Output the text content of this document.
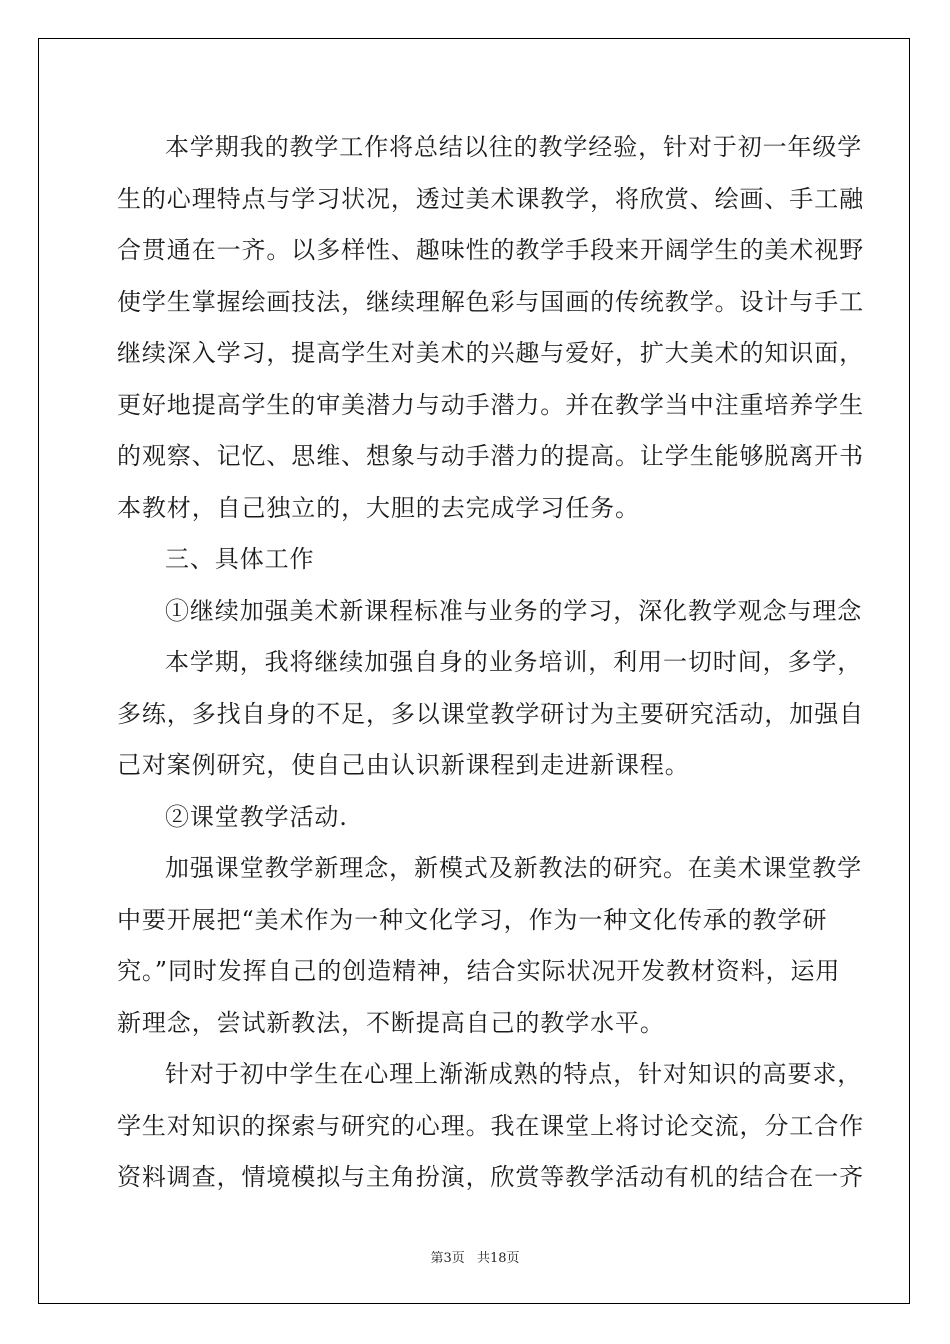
本学期我的教学工作将总结以往的教学经验，针对于初一年级学
生的心理特点与学习状况，透过美术课教学，将欣赏、绘画、手工融
合贯通在一齐。以多样性、趣味性的教学手段来开阔学生的美术视野
使学生掌握绘画技法，继续理解色彩与国画的传统教学。设计与手工
继续深入学习，提高学生对美术的兴趣与爱好，扩大美术的知识面，
更好地提高学生的审美潜力与动手潜力。并在教学当中注重培养学生
的观察、记忆、思维、想象与动手潜力的提高。让学生能够脱离开书
本教材，自己独立的，大胆的去完成学习任务。
三、具体工作
①继续加强美术新课程标准与业务的学习，深化教学观念与理念
本学期，我将继续加强自身的业务培训，利用一切时间，多学，
多练，多找自身的不足，多以课堂教学研讨为主要研究活动，加强自
己对案例研究，使自己由认识新课程到走进新课程。
②课堂教学活动.
加强课堂教学新理念，新模式及新教法的研究。在美术课堂教学
中要开展把“美术作为一种文化学习，作为一种文化传承的教学研
究。”同时发挥自己的创造精神，结合实际状况开发教材资料，运用
新理念，尝试新教法，不断提高自己的教学水平。
针对于初中学生在心理上渐渐成熟的特点，针对知识的高要求，
学生对知识的探索与研究的心理。我在课堂上将讨论交流，分工合作
资料调查，情境模拟与主角扮演，欣赏等教学活动有机的结合在一齐
第3页 共18页
